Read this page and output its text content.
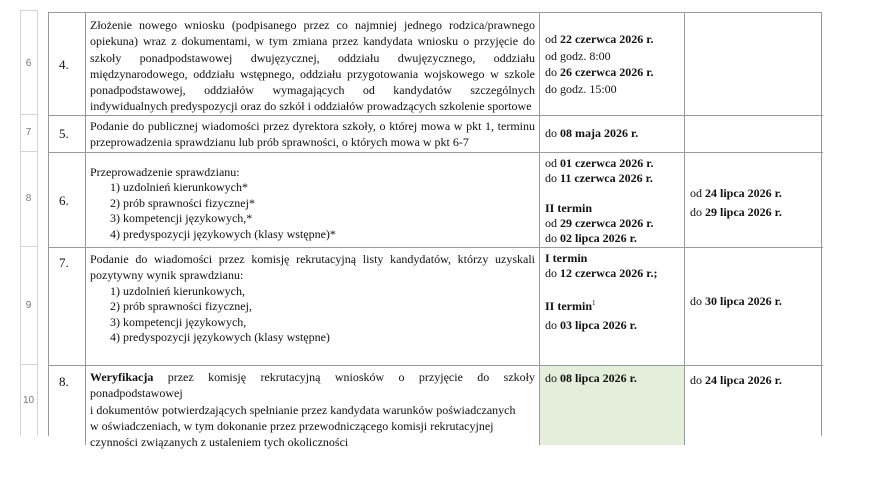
6
7
8
9
10
4.
Złożenie nowego wniosku (podpisanego przez co najmniej jednego rodzica/prawnego opiekuna) wraz z dokumentami, w tym zmiana przez kandydata wniosku o przyjęcie do szkoły ponadpodstawowej dwujęzycznej, oddziału dwujęzycznego, oddziału międzynarodowego, oddziału wstępnego, oddziału przygotowania wojskowego w szkole ponadpodstawowej, oddziałów wymagających od kandydatów szczególnych indywidualnych predyspozycji oraz do szkół i oddziałów prowadzących szkolenie sportowe
od 22 czerwca 2026 r.
od godz. 8:00
do 26 czerwca 2026 r.
do godz. 15:00
5. Podanie do publicznej wiadomości przez dyrektora szkoły, o której mowa w pkt 1, terminu przeprowadzenia sprawdzianu lub prób sprawności, o których mowa w pkt 6-7
do 08 maja 2026 r.
6.
Przeprowadzenie sprawdzianu:
1) uzdolnień kierunkowych*
2) prób sprawności fizycznej*
3) kompetencji językowych,*
4) predyspozycji językowych (klasy wstępne)*
od 01 czerwca 2026 r.
do 11 czerwca 2026 r.
II termin
od 29 czerwca 2026 r.
do 02 lipca 2026 r.
od 24 lipca 2026 r.
do 29 lipca 2026 r.
7. Podanie do wiadomości przez komisję rekrutacyjną listy kandydatów, którzy uzyskali pozytywny wynik sprawdzianu:
1) uzdolnień kierunkowych,
2) prób sprawności fizycznej,
3) kompetencji językowych,
4) predyspozycji językowych (klasy wstępne)
I termin
do 12 czerwca 2026 r.;
II termin$^1$
do 03 lipca 2026 r.
do 30 lipca 2026 r.
8. Weryfikacja przez komisję rekrutacyjną wniosków o przyjęcie do szkoły ponadpodstawowej
i dokumentów potwierdzających spełnianie przez kandydata warunków poświadczanych
w oświadczeniach, w tym dokonanie przez przewodniczącego komisji rekrutacyjnej
czynności związanych z ustaleniem tych okoliczności
do 08 lipca 2026 r.	do 24 lipca 2026 r.
